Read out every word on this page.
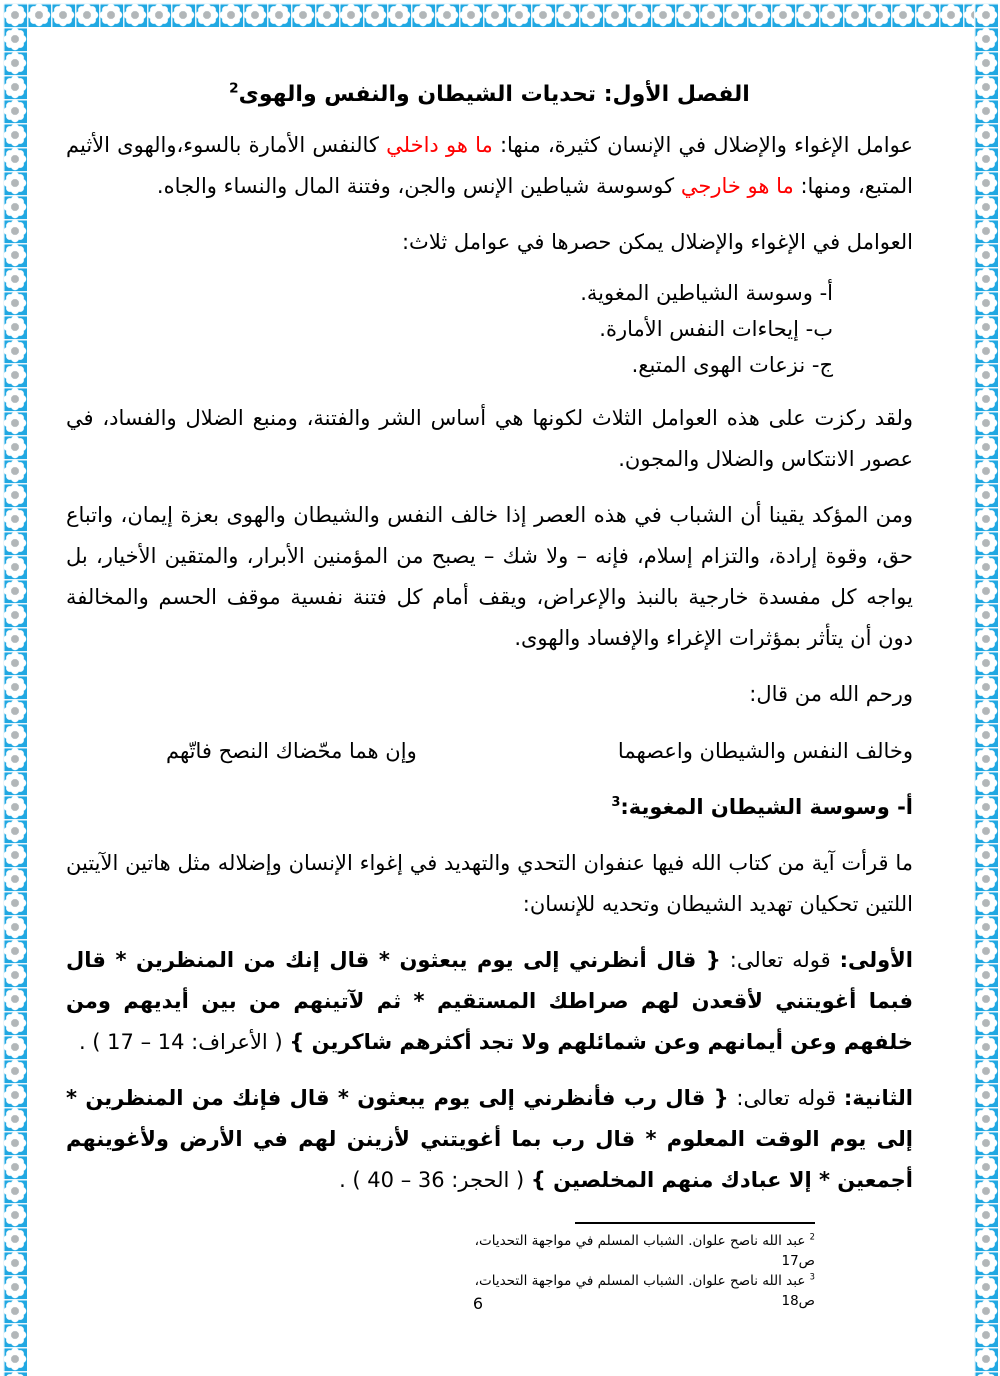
الفصل الأول: تحديات الشيطان والنفس والهوى$^2$

عوامل الإغواء والإضلال في الإنسان كثيرة، منها: ما هو داخلي كالنفس الأمارة بالسوء،والهوى الأثيم المتبع، ومنها: ما هو خارجي كوسوسة شياطين الإنس والجن، وفتنة المال والنساء والجاه.

العوامل في الإغواء والإضلال يمكن حصرها في عوامل ثلاث:

أ- وسوسة الشياطين المغوية.
ب- إيحاءات النفس الأمارة.
ج- نزعات الهوى المتبع.

ولقد ركزت على هذه العوامل الثلاث لكونها هي أساس الشر والفتنة، ومنبع الضلال والفساد، في عصور الانتكاس والضلال والمجون.

ومن المؤكد يقينا أن الشباب في هذه العصر إذا خالف النفس والشيطان والهوى بعزة إيمان، واتباع حق، وقوة إرادة، والتزام إسلام، فإنه – ولا شك – يصبح من المؤمنين الأبرار، والمتقين الأخيار، بل يواجه كل مفسدة خارجية بالنبذ والإعراض، ويقف أمام كل فتنة نفسية موقف الحسم والمخالفة دون أن يتأثر بمؤثرات الإغراء والإفساد والهوى.

ورحم الله من قال:

وخالف النفس والشيطان واعصهما
وإن هما محّضاك النصح فاتّهم
أ- وسوسة الشيطان المغوية:$^3$

ما قرأت آية من كتاب الله فيها عنفوان التحدي والتهديد في إغواء الإنسان وإضلاله مثل هاتين الآيتين اللتين تحكيان تهديد الشيطان وتحديه للإنسان:

الأولى: قوله تعالى: { قال أنظرني إلى يوم يبعثون * قال إنك من المنظرين * قال فبما أغويتني لأقعدن لهم صراطك المستقيم * ثم لآتينهم من بين أيديهم ومن خلفهم وعن أيمانهم وعن شمائلهم ولا تجد أكثرهم شاكرين } ( الأعراف: 14 – 17 ) .

الثانية: قوله تعالى: { قال رب فأنظرني إلى يوم يبعثون * قال فإنك من المنظرين * إلى يوم الوقت المعلوم * قال رب بما أغويتني لأزينن لهم في الأرض ولأغوينهم أجمعين * إلا عبادك منهم المخلصين } ( الحجر: 36 – 40 ) .

$^2$ عبد الله ناصح علوان. الشباب المسلم في مواجهة التحديات، ص17
$^3$ عبد الله ناصح علوان. الشباب المسلم في مواجهة التحديات، ص18
6
